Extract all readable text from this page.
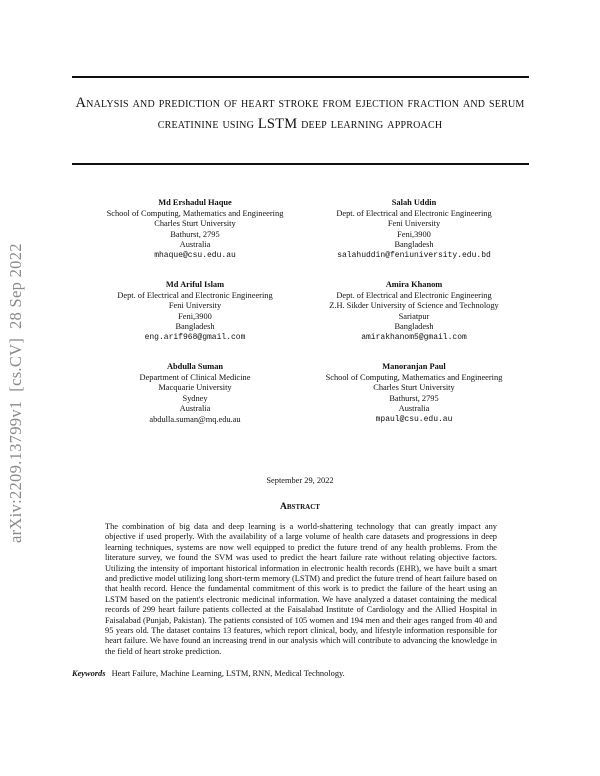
arXiv:2209.13799v1  [cs.CV]  28 Sep 2022
Analysis and prediction of heart stroke from ejection fraction and serum creatinine using LSTM deep learning approach
Md Ershadul Haque
School of Computing, Mathematics and Engineering
Charles Sturt University
Bathurst, 2795
Australia
mhaque@csu.edu.au
Salah Uddin
Dept. of Electrical and Electronic Engineering
Feni University
Feni,3900
Bangladesh
salahuddin@feniuniversity.edu.bd
Md Ariful Islam
Dept. of Electrical and Electronic Engineering
Feni University
Feni,3900
Bangladesh
eng.arif968@gmail.com
Amira Khanom
Dept. of Electrical and Electronic Engineering
Z.H. Sikder University of Science and Technology
Sariatpur
Bangladesh
amirakhanom5@gmail.com
Abdulla Suman
Department of Clinical Medicine
Macquarie University
Sydney
Australia
abdulla.suman@mq.edu.au
Manoranjan Paul
School of Computing, Mathematics and Engineering
Charles Sturt University
Bathurst, 2795
Australia
mpaul@csu.edu.au
September 29, 2022
Abstract
The combination of big data and deep learning is a world-shattering technology that can greatly impact any objective if used properly. With the availability of a large volume of health care datasets and progressions in deep learning techniques, systems are now well equipped to predict the future trend of any health problems. From the literature survey, we found the SVM was used to predict the heart failure rate without relating objective factors. Utilizing the intensity of important historical information in electronic health records (EHR), we have built a smart and predictive model utilizing long short-term memory (LSTM) and predict the future trend of heart failure based on that health record. Hence the fundamental commitment of this work is to predict the failure of the heart using an LSTM based on the patient's electronic medicinal information. We have analyzed a dataset containing the medical records of 299 heart failure patients collected at the Faisalabad Institute of Cardiology and the Allied Hospital in Faisalabad (Punjab, Pakistan). The patients consisted of 105 women and 194 men and their ages ranged from 40 and 95 years old. The dataset contains 13 features, which report clinical, body, and lifestyle information responsible for heart failure. We have found an increasing trend in our analysis which will contribute to advancing the knowledge in the field of heart stroke prediction.
Keywords Heart Failure, Machine Learning, LSTM, RNN, Medical Technology.
